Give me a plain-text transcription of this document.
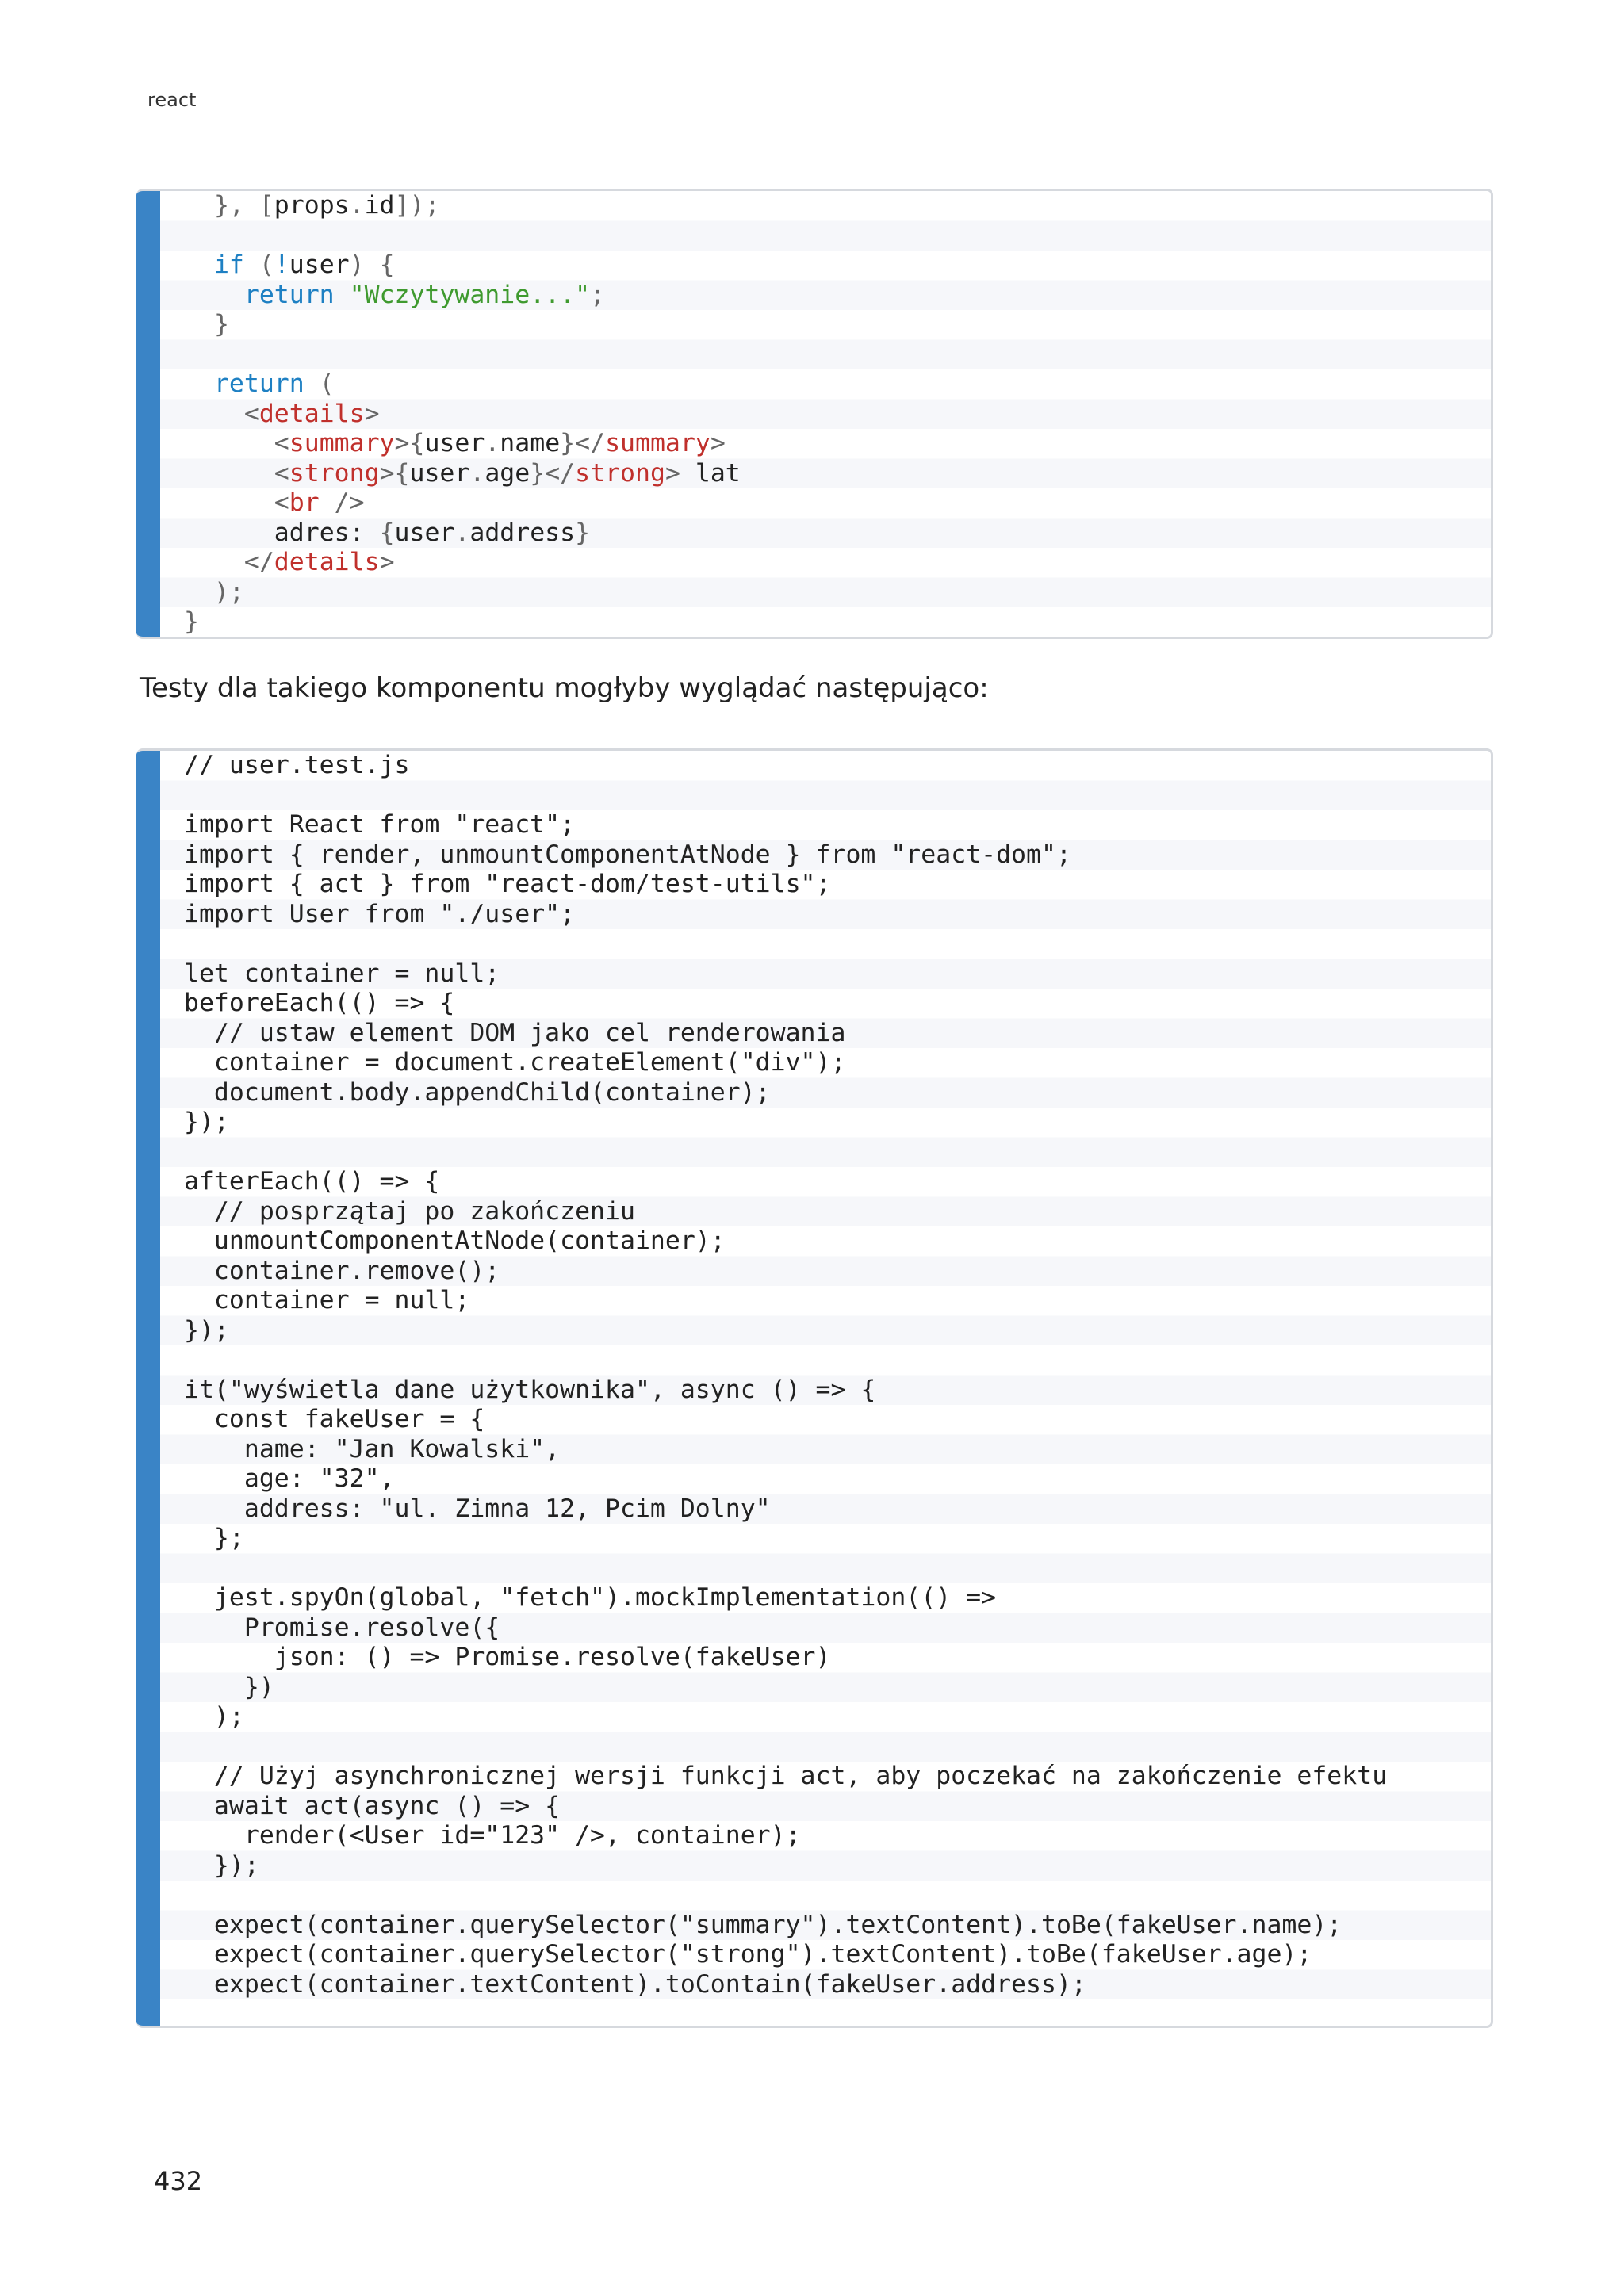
react
}, [props.id]);

if (!user) {
return "Wczytywanie...";
}

return (
<details>
<summary>{user.name}</summary>
<strong>{user.age}</strong> lat
<br />
adres: {user.address}
</details>
);
}

Testy dla takiego komponentu mogłyby wyglądać następująco:
// user.test.js

import React from "react";
import { render, unmountComponentAtNode } from "react-dom";
import { act } from "react-dom/test-utils";
import User from "./user";

let container = null;
beforeEach(() => {
// ustaw element DOM jako cel renderowania
container = document.createElement("div");
document.body.appendChild(container);
});

afterEach(() => {
// posprzątaj po zakończeniu
unmountComponentAtNode(container);
container.remove();
container = null;
});

it("wyświetla dane użytkownika", async () => {
const fakeUser = {
name: "Jan Kowalski",
age: "32",
address: "ul. Zimna 12, Pcim Dolny"
};

jest.spyOn(global, "fetch").mockImplementation(() =>
Promise.resolve({
json: () => Promise.resolve(fakeUser)
})
);

// Użyj asynchronicznej wersji funkcji act, aby poczekać na zakończenie efektu
await act(async () => {
render(<User id="123" />, container);
});

expect(container.querySelector("summary").textContent).toBe(fakeUser.name);
expect(container.querySelector("strong").textContent).toBe(fakeUser.age);
expect(container.textContent).toContain(fakeUser.address);

432
